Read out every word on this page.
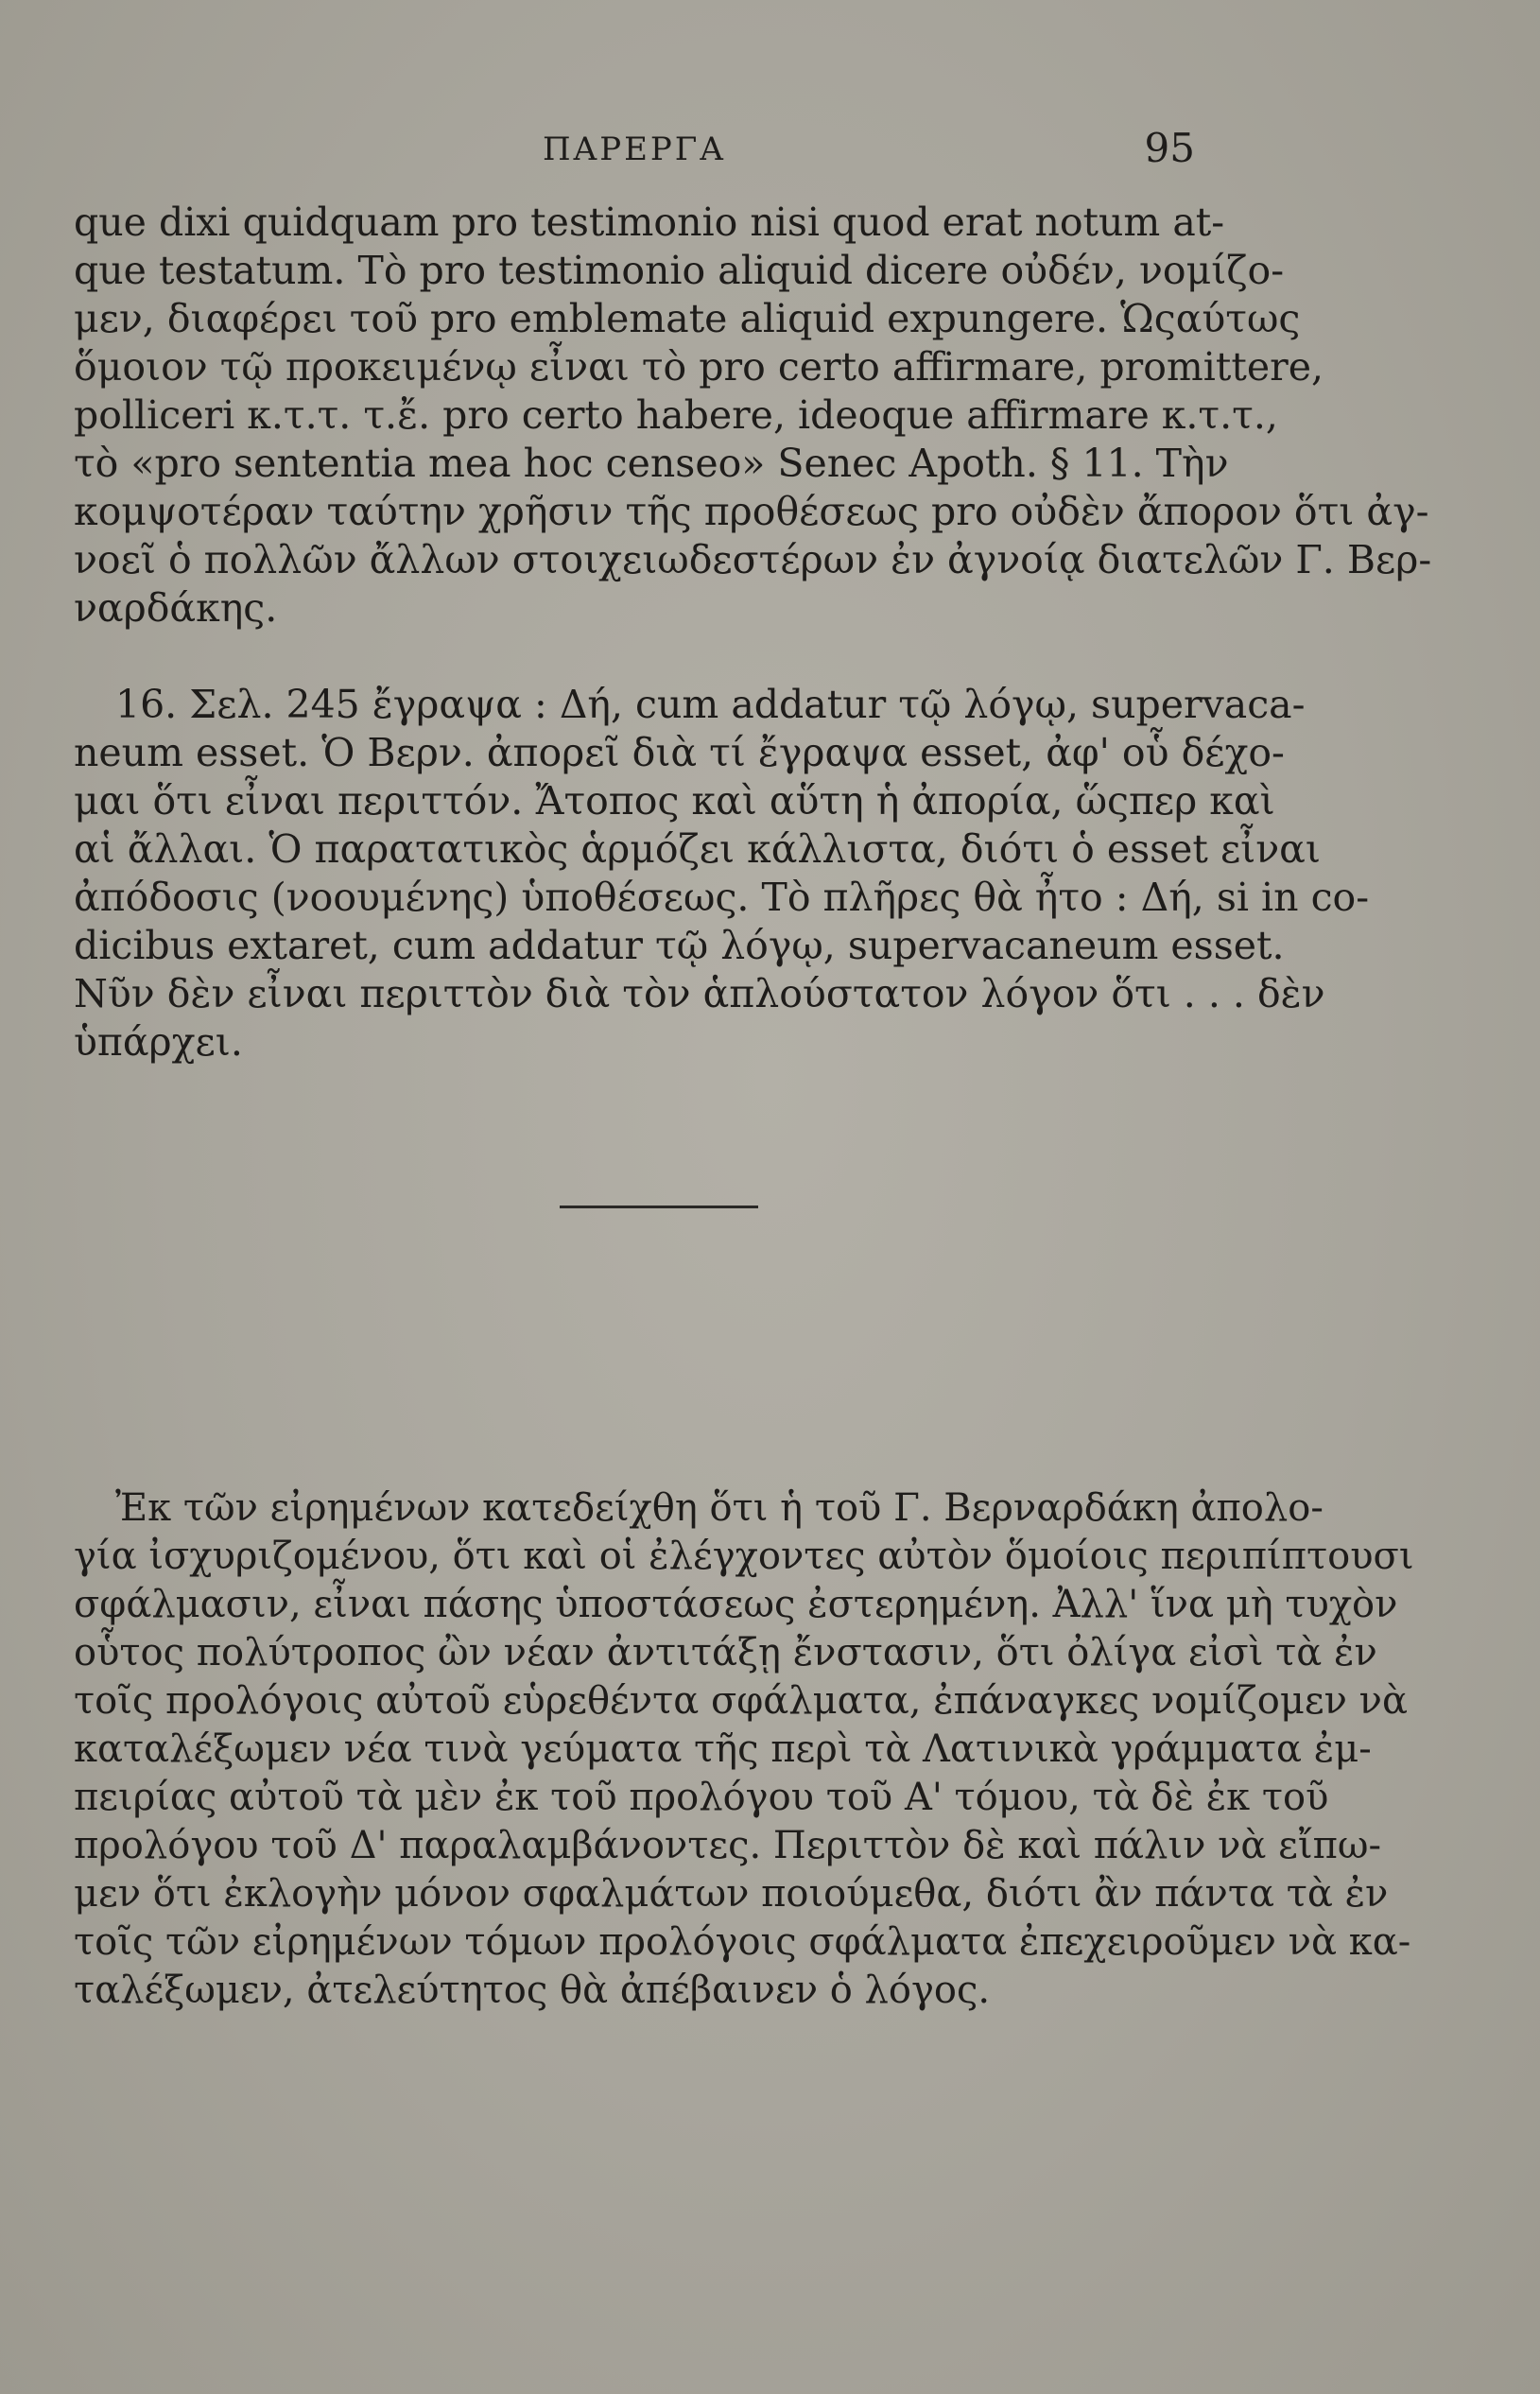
ΠΑΡΕΡΓΑ	95

que dixi quidquam pro testimonio nisi quod erat notum at-

que testatum. Τὸ pro testimonio aliquid dicere οὐδέν, νομίζο-

μεν, διαφέρει τοῦ pro emblemate aliquid expungere. Ὡςαύτως

ὅμοιον τῷ προκειμένῳ εἶναι τὸ pro certo affirmare, promittere,

polliceri κ.τ.τ. τ.ἔ. pro certo habere, ideoque affirmare κ.τ.τ.,

τὸ «pro sententia mea hoc censeo» Senec Apoth. § 11. Τὴν

κομψοτέραν ταύτην χρῆσιν τῆς προθέσεως pro οὐδὲν ἄπορον ὅτι ἀγ-

νοεῖ ὁ πολλῶν ἄλλων στοιχειωδεστέρων ἐν ἀγνοίᾳ διατελῶν Γ. Βερ-

ναρδάκης.

16. Σελ. 245 ἔγραψα : Δή, cum addatur τῷ λόγῳ, supervaca-

neum esset. Ὁ Βερν. ἀπορεῖ διὰ τί ἔγραψα esset, ἀφ' οὗ δέχο-

μαι ὅτι εἶναι περιττόν. Ἄτοπος καὶ αὕτη ἡ ἀπορία, ὥςπερ καὶ

αἱ ἄλλαι. Ὁ παρατατικὸς ἁρμόζει κάλλιστα, διότι ὁ esset εἶναι

ἀπόδοσις (νοουμένης) ὑποθέσεως. Τὸ πλῆρες θὰ ἦτο : Δή, si in co-

dicibus extaret, cum addatur τῷ λόγῳ, supervacaneum esset.

Νῦν δὲν εἶναι περιττὸν διὰ τὸν ἁπλούστατον λόγον ὅτι . . . δὲν

ὑπάρχει.

Ἐκ τῶν εἰρημένων κατεδείχθη ὅτι ἡ τοῦ Γ. Βερναρδάκη ἀπολο-

γία ἰσχυριζομένου, ὅτι καὶ οἱ ἐλέγχοντες αὐτὸν ὅμοίοις περιπίπτουσι

σφάλμασιν, εἶναι πάσης ὑποστάσεως ἐστερημένη. Ἀλλ' ἵνα μὴ τυχὸν

οὗτος πολύτροπος ὢν νέαν ἀντιτάξῃ ἔνστασιν, ὅτι ὀλίγα εἰσὶ τὰ ἐν

τοῖς προλόγοις αὐτοῦ εὑρεθέντα σφάλματα, ἐπάναγκες νομίζομεν νὰ

καταλέξωμεν νέα τινὰ γεύματα τῆς περὶ τὰ Λατινικὰ γράμματα ἐμ-

πειρίας αὐτοῦ τὰ μὲν ἐκ τοῦ προλόγου τοῦ Α' τόμου, τὰ δὲ ἐκ τοῦ

προλόγου τοῦ Δ' παραλαμβάνοντες. Περιττὸν δὲ καὶ πάλιν νὰ εἴπω-

μεν ὅτι ἐκλογὴν μόνον σφαλμάτων ποιούμεθα, διότι ἂν πάντα τὰ ἐν

τοῖς τῶν εἰρημένων τόμων προλόγοις σφάλματα ἐπεχειροῦμεν νὰ κα-

ταλέξωμεν, ἀτελεύτητος θὰ ἀπέβαινεν ὁ λόγος.
